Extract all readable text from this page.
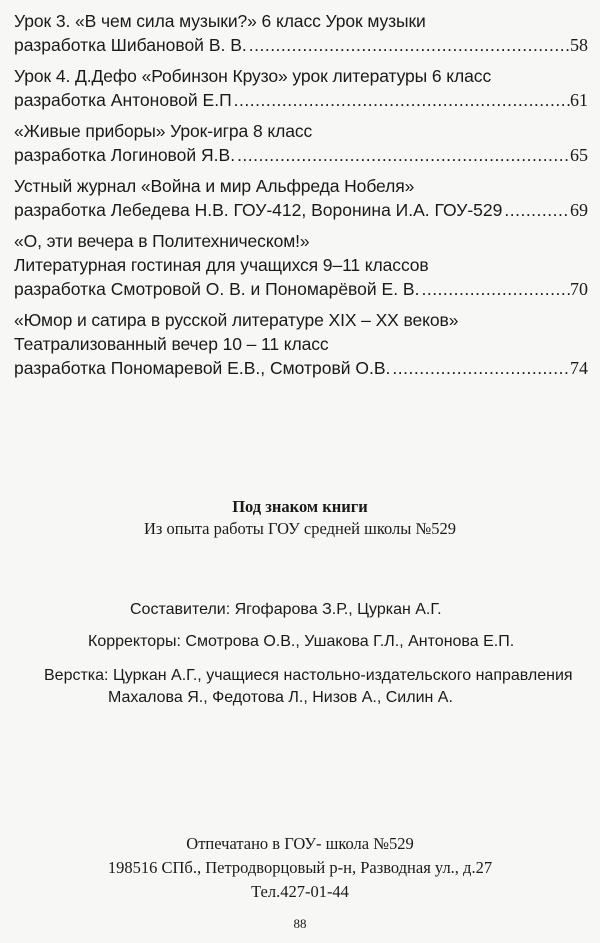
Урок 3. «В чем сила музыки?» 6 класс Урок музыки
разработка Шибановой В. В. .....	58
Урок 4. Д.Дефо «Робинзон Крузо» урок литературы 6 класс
разработка Антоновой Е.П .....	61
«Живые приборы» Урок-игра 8 класс
разработка Логиновой Я.В. .....	65
Устный журнал «Война и мир Альфреда Нобеля»
разработка Лебедева Н.В. ГОУ-412, Воронина И.А. ГОУ-529 .....	69
«О, эти вечера в Политехническом!»
Литературная гостиная для учащихся 9–11 классов
разработка Смотровой О. В. и Пономарёвой Е. В. .....	70
«Юмор и сатира в русской литературе XIX – XX веков»
Театрализованный вечер 10 – 11 класс
разработка Пономаревой Е.В., Смотровй О.В. .....	74
Под знаком книги
Из опыта работы ГОУ средней школы №529
Составители: Ягофарова З.Р., Цуркан А.Г.
Корректоры: Смотрова О.В., Ушакова Г.Л., Антонова Е.П.
Верстка: Цуркан А.Г., учащиеся настольно-издательского направления
Махалова Я., Федотова Л., Низов А., Силин А.
Отпечатано в ГОУ- школа №529
198516 СПб., Петродворцовый р-н, Разводная ул., д.27
Тел.427-01-44
88
